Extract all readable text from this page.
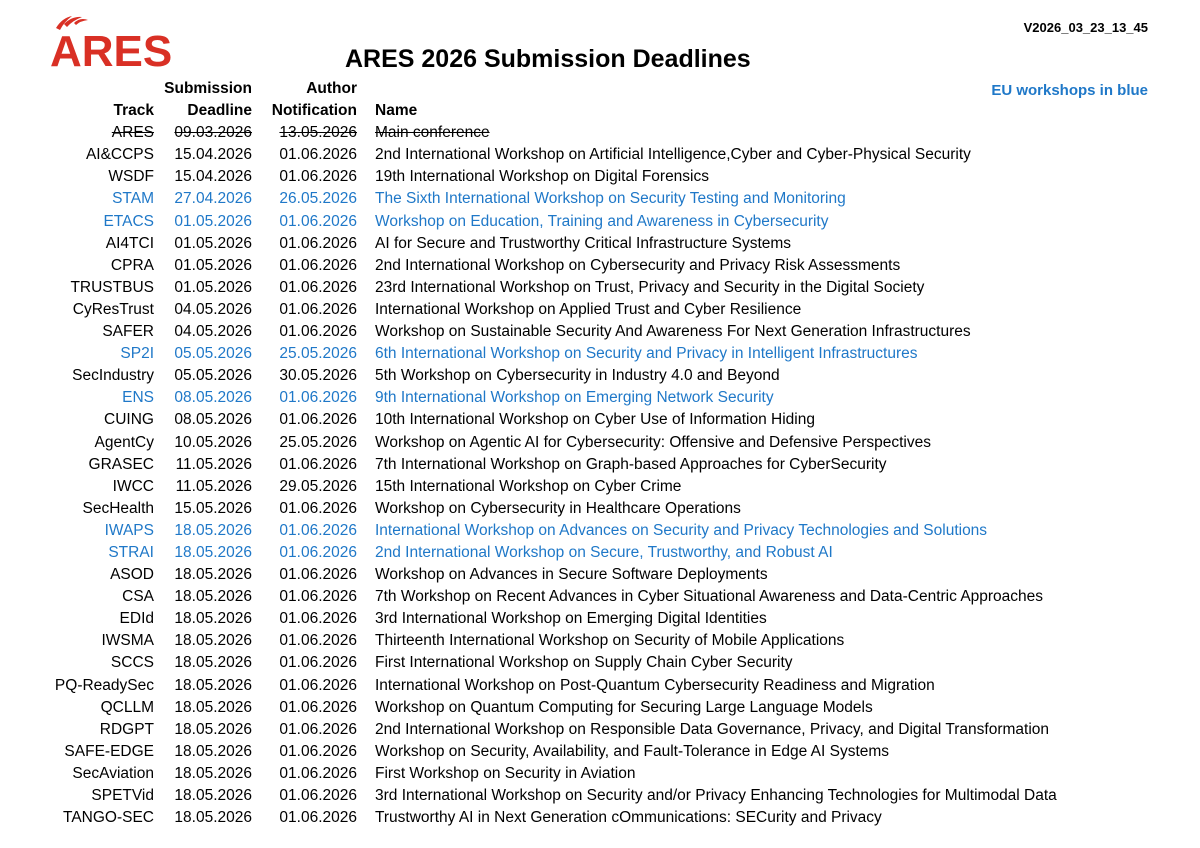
ARES	V2026_03_23_13_45
ARES 2026 Submission Deadlines
EU workshops in blue
	Submission	Author	
Track	Deadline	Notification	Name
ARES	09.03.2026	13.05.2026	Main conference
AI&CCPS	15.04.2026	01.06.2026	2nd International Workshop on Artificial Intelligence,Cyber and Cyber-Physical Security
WSDF	15.04.2026	01.06.2026	19th International Workshop on Digital Forensics
STAM	27.04.2026	26.05.2026	The Sixth International Workshop on Security Testing and Monitoring
ETACS	01.05.2026	01.06.2026	Workshop on Education, Training and Awareness in Cybersecurity
AI4TCI	01.05.2026	01.06.2026	AI for Secure and Trustworthy Critical Infrastructure Systems
CPRA	01.05.2026	01.06.2026	2nd International Workshop on Cybersecurity and Privacy Risk Assessments
TRUSTBUS	01.05.2026	01.06.2026	23rd International Workshop on Trust, Privacy and Security in the Digital Society
CyResTrust	04.05.2026	01.06.2026	International Workshop on Applied Trust and Cyber Resilience
SAFER	04.05.2026	01.06.2026	Workshop on Sustainable Security And Awareness For Next Generation Infrastructures
SP2I	05.05.2026	25.05.2026	6th International Workshop on Security and Privacy in Intelligent Infrastructures
SecIndustry	05.05.2026	30.05.2026	5th Workshop on Cybersecurity in Industry 4.0 and Beyond
ENS	08.05.2026	01.06.2026	9th International Workshop on Emerging Network Security
CUING	08.05.2026	01.06.2026	10th International Workshop on Cyber Use of Information Hiding
AgentCy	10.05.2026	25.05.2026	Workshop on Agentic AI for Cybersecurity: Offensive and Defensive Perspectives
GRASEC	11.05.2026	01.06.2026	7th International Workshop on Graph-based Approaches for CyberSecurity
IWCC	11.05.2026	29.05.2026	15th International Workshop on Cyber Crime
SecHealth	15.05.2026	01.06.2026	Workshop on Cybersecurity in Healthcare Operations
IWAPS	18.05.2026	01.06.2026	International Workshop on Advances on Security and Privacy Technologies and Solutions
STRAI	18.05.2026	01.06.2026	2nd International Workshop on Secure, Trustworthy, and Robust AI
ASOD	18.05.2026	01.06.2026	Workshop on Advances in Secure Software Deployments
CSA	18.05.2026	01.06.2026	7th Workshop on Recent Advances in Cyber Situational Awareness and Data-Centric Approaches
EDId	18.05.2026	01.06.2026	3rd International Workshop on Emerging Digital Identities
IWSMA	18.05.2026	01.06.2026	Thirteenth International Workshop on Security of Mobile Applications
SCCS	18.05.2026	01.06.2026	First International Workshop on Supply Chain Cyber Security
PQ-ReadySec	18.05.2026	01.06.2026	International Workshop on Post-Quantum Cybersecurity Readiness and Migration
QCLLM	18.05.2026	01.06.2026	Workshop on Quantum Computing for Securing Large Language Models
RDGPT	18.05.2026	01.06.2026	2nd International Workshop on Responsible Data Governance, Privacy, and Digital Transformation
SAFE-EDGE	18.05.2026	01.06.2026	Workshop on Security, Availability, and Fault-Tolerance in Edge AI Systems
SecAviation	18.05.2026	01.06.2026	First Workshop on Security in Aviation
SPETVid	18.05.2026	01.06.2026	3rd International Workshop on Security and/or Privacy Enhancing Technologies for Multimodal Data
TANGO-SEC	18.05.2026	01.06.2026	Trustworthy AI in Next Generation cOmmunications: SECurity and Privacy
